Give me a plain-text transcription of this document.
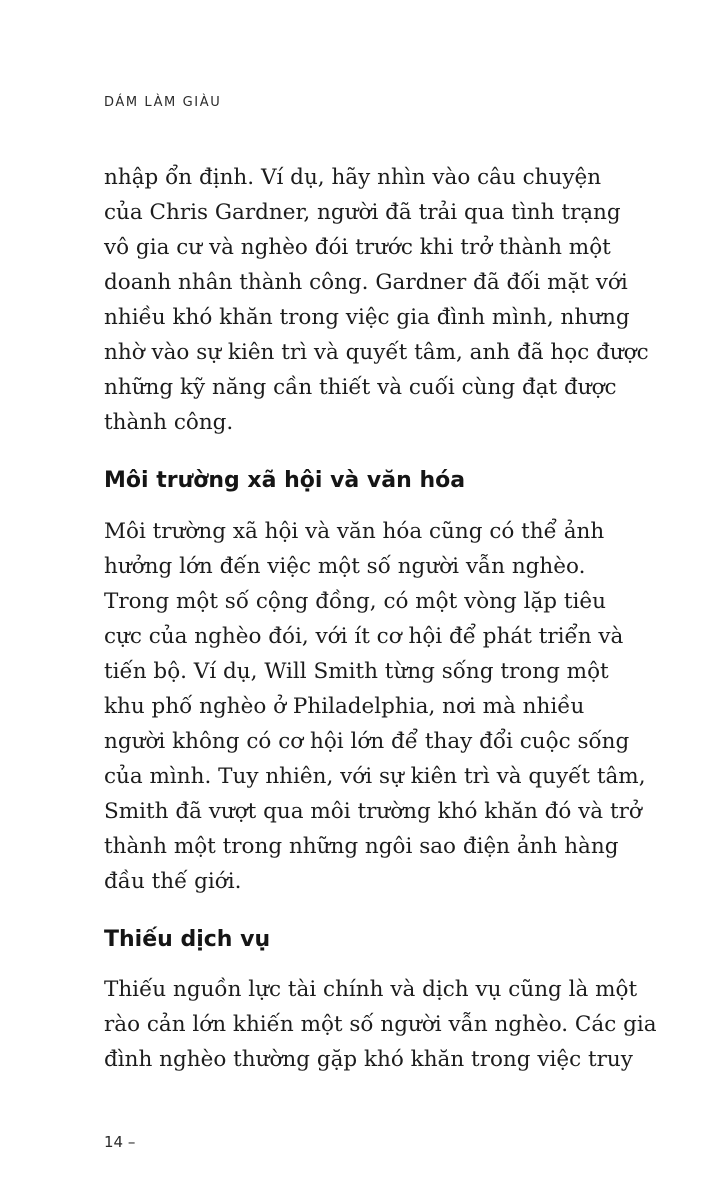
DÁM LÀM GIÀU
nhập ổn định. Ví dụ, hãy nhìn vào câu chuyện
của Chris Gardner, người đã trải qua tình trạng
vô gia cư và nghèo đói trước khi trở thành một
doanh nhân thành công. Gardner đã đối mặt với
nhiều khó khăn trong việc gia đình mình, nhưng
nhờ vào sự kiên trì và quyết tâm, anh đã học được
những kỹ năng cần thiết và cuối cùng đạt được
thành công.
Môi trường xã hội và văn hóa
Môi trường xã hội và văn hóa cũng có thể ảnh
hưởng lớn đến việc một số người vẫn nghèo.
Trong một số cộng đồng, có một vòng lặp tiêu
cực của nghèo đói, với ít cơ hội để phát triển và
tiến bộ. Ví dụ, Will Smith từng sống trong một
khu phố nghèo ở Philadelphia, nơi mà nhiều
người không có cơ hội lớn để thay đổi cuộc sống
của mình. Tuy nhiên, với sự kiên trì và quyết tâm,
Smith đã vượt qua môi trường khó khăn đó và trở
thành một trong những ngôi sao điện ảnh hàng
đầu thế giới.
Thiếu dịch vụ
Thiếu nguồn lực tài chính và dịch vụ cũng là một
rào cản lớn khiến một số người vẫn nghèo. Các gia
đình nghèo thường gặp khó khăn trong việc truy
14 –
